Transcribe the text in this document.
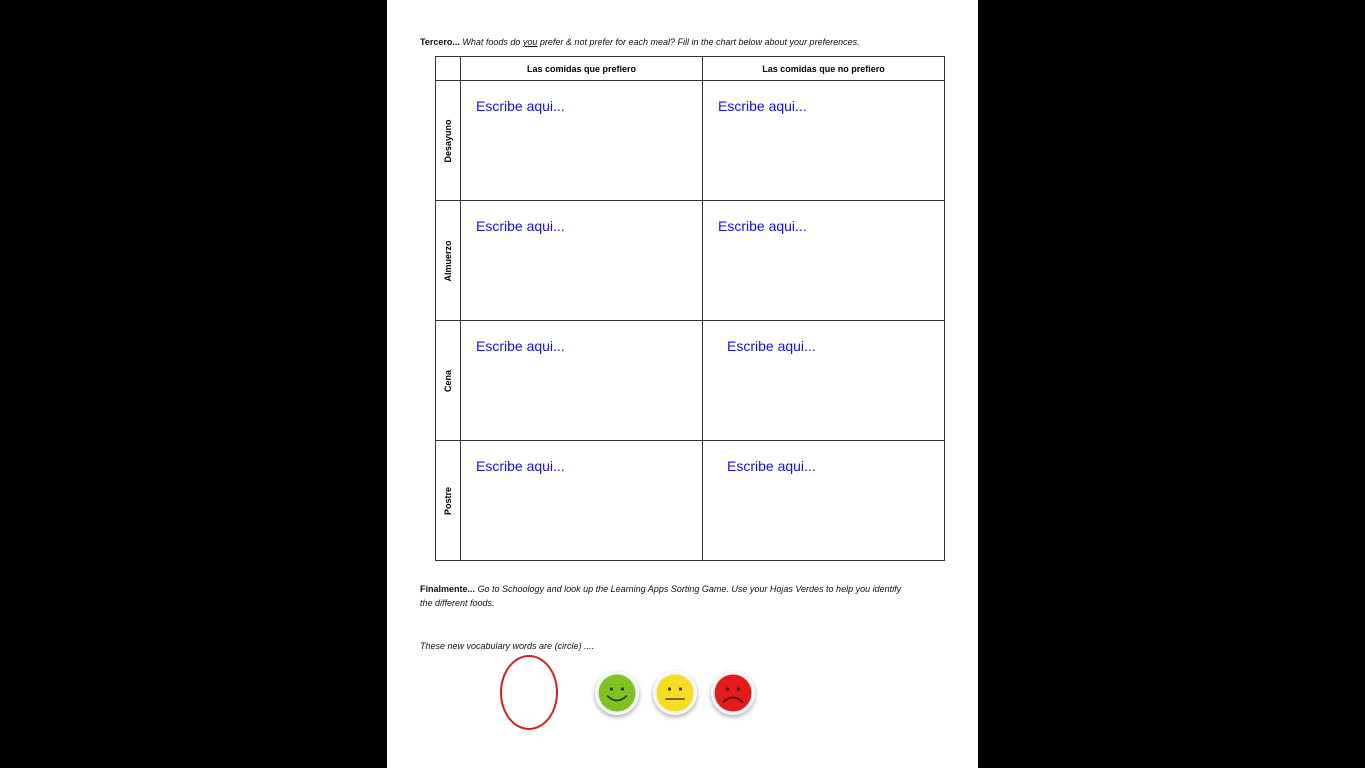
Tercero... What foods do you prefer & not prefer for each meal? Fill in the chart below about your preferences.
	Las comidas que prefiero	Las comidas que no prefiero

Desayuno	Escribe aqui...	Escribe aqui...

Almuerzo	Escribe aqui...	Escribe aqui...

Cena	Escribe aqui...	Escribe aqui...

Postre	Escribe aqui...	Escribe aqui...
Finalmente... Go to Schoology and look up the Learning Apps Sorting Game. Use your Hojas Verdes to help you identify
the different foods.
These new vocabulary words are (circle) ....
